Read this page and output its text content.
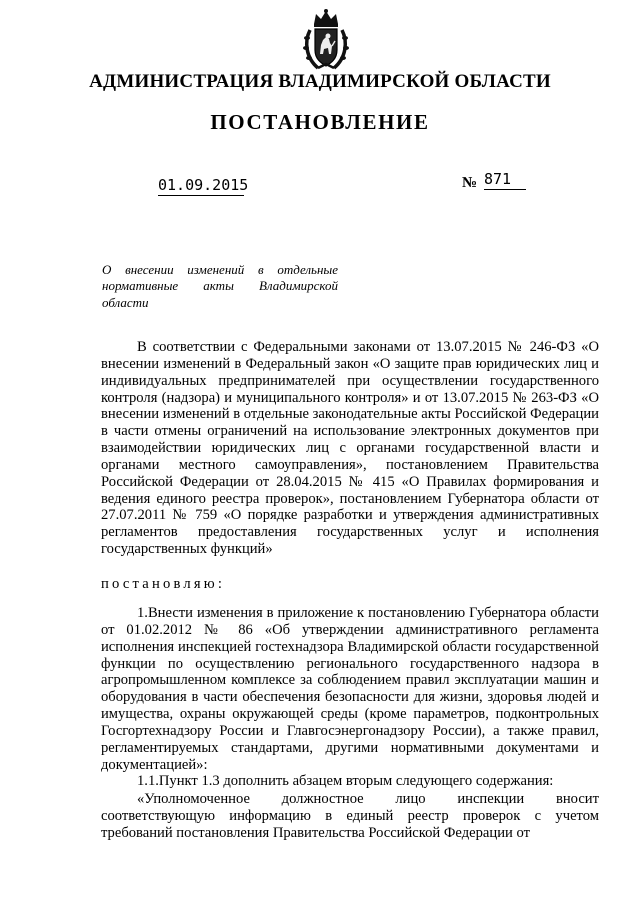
АДМИНИСТРАЦИЯ ВЛАДИМИРСКОЙ ОБЛАСТИ
ПОСТАНОВЛЕНИЕ
01.09.2015	№ 871
О внесении изменений в отдельные нормативные акты Владимирской области
В соответствии с Федеральными законами от 13.07.2015 № 246-ФЗ «О внесении изменений в Федеральный закон «О защите прав юридических лиц и индивидуальных предпринимателей при осуществлении государственного контроля (надзора) и муниципального контроля» и от 13.07.2015 № 263-ФЗ «О внесении изменений в отдельные законодательные акты Российской Федерации в части отмены ограничений на использование электронных документов при взаимодействии юридических лиц с органами государственной власти и органами местного самоуправления», постановлением Правительства Российской Федерации от 28.04.2015 № 415 «О Правилах формирования и ведения единого реестра проверок», постановлением Губернатора области от 27.07.2011 № 759 «О порядке разработки и утверждения административных регламентов предоставления государственных услуг и исполнения государственных функций»
постановляю:
1.Внести изменения в приложение к постановлению Губернатора области от 01.02.2012 № 86 «Об утверждении административного регламента исполнения инспекцией гостехнадзора Владимирской области государственной функции по осуществлению регионального государственного надзора в агропромышленном комплексе за соблюдением правил эксплуатации машин и оборудования в части обеспечения безопасности для жизни, здоровья людей и имущества, охраны окружающей среды (кроме параметров, подконтрольных Госгортехнадзору России и Главгосэнергонадзору России), а также правил, регламентируемых стандартами, другими нормативными документами и документацией»:
1.1.Пункт 1.3 дополнить абзацем вторым следующего содержания:
«Уполномоченное должностное лицо инспекции вносит соответствующую информацию в единый реестр проверок с учетом требований постановления Правительства Российской Федерации от
